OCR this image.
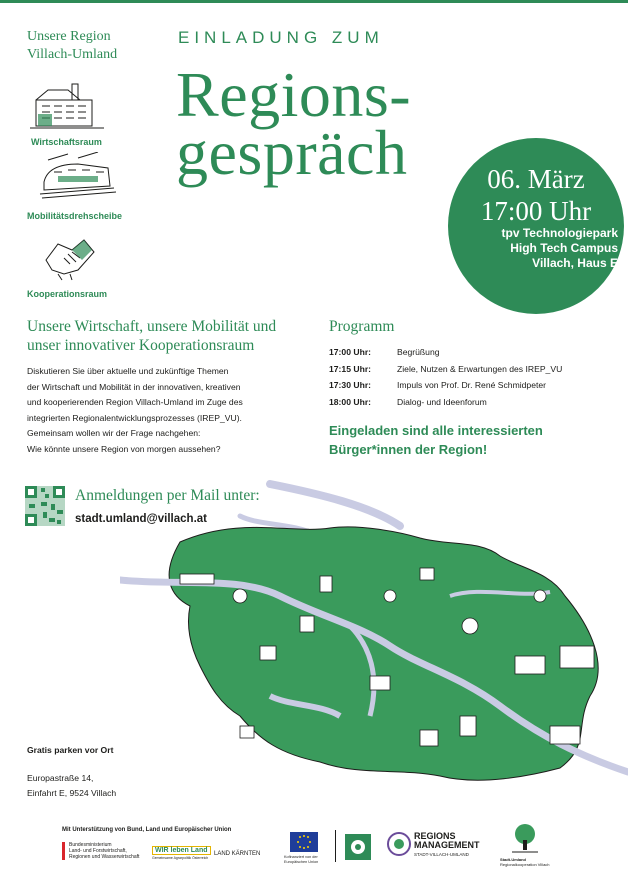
Unsere Region
Villach-Umland
Wirtschaftsraum
Mobilitätsdrehscheibe
Kooperationsraum
EINLADUNG ZUM
Regions-
gespräch	06. März
17:00 Uhr
tpv Technologiepark
High Tech Campus
Villach, Haus E
Unsere Wirtschaft, unsere Mobilität und
unser innovativer Kooperationsraum

Diskutieren Sie über aktuelle und zukünftige Themen

der Wirtschaft und Mobilität in der innovativen, kreativen

und kooperierenden Region Villach-Umland im Zuge des

integrierten Regionalentwicklungsprozesses (IREP_VU).

Gemeinsam wollen wir der Frage nachgehen:

Wie könnte unsere Region von morgen aussehen?

Programm
17:00 Uhr:	Begrüßung
17:15 Uhr:	Ziele, Nutzen & Erwartungen des IREP_VU
17:30 Uhr:	Impuls von Prof. Dr. René Schmidpeter
18:00 Uhr:	Dialog- und Ideenforum
Eingeladen sind alle interessierten
Bürger*innen der Region!
Anmeldungen per Mail unter:
stadt.umland@villach.at
Gratis parken vor Ort
Europastraße 14,
Einfahrt E, 9524 Villach
Mit Unterstützung von Bund, Land und Europäischer Union
Bundesministerium
Land- und Forstwirtschaft,
Regionen und Wasserwirtschaft
WIR leben Land
Gemeinsame Agrarpolitik Österreich
LAND KÄRNTEN	Kofinanziert von der
Europäischen Union
REGIONS
MANAGEMENT
STADT-VILLACH-UMLAND
Stadt-Umland
Regionalkooperation Villach
